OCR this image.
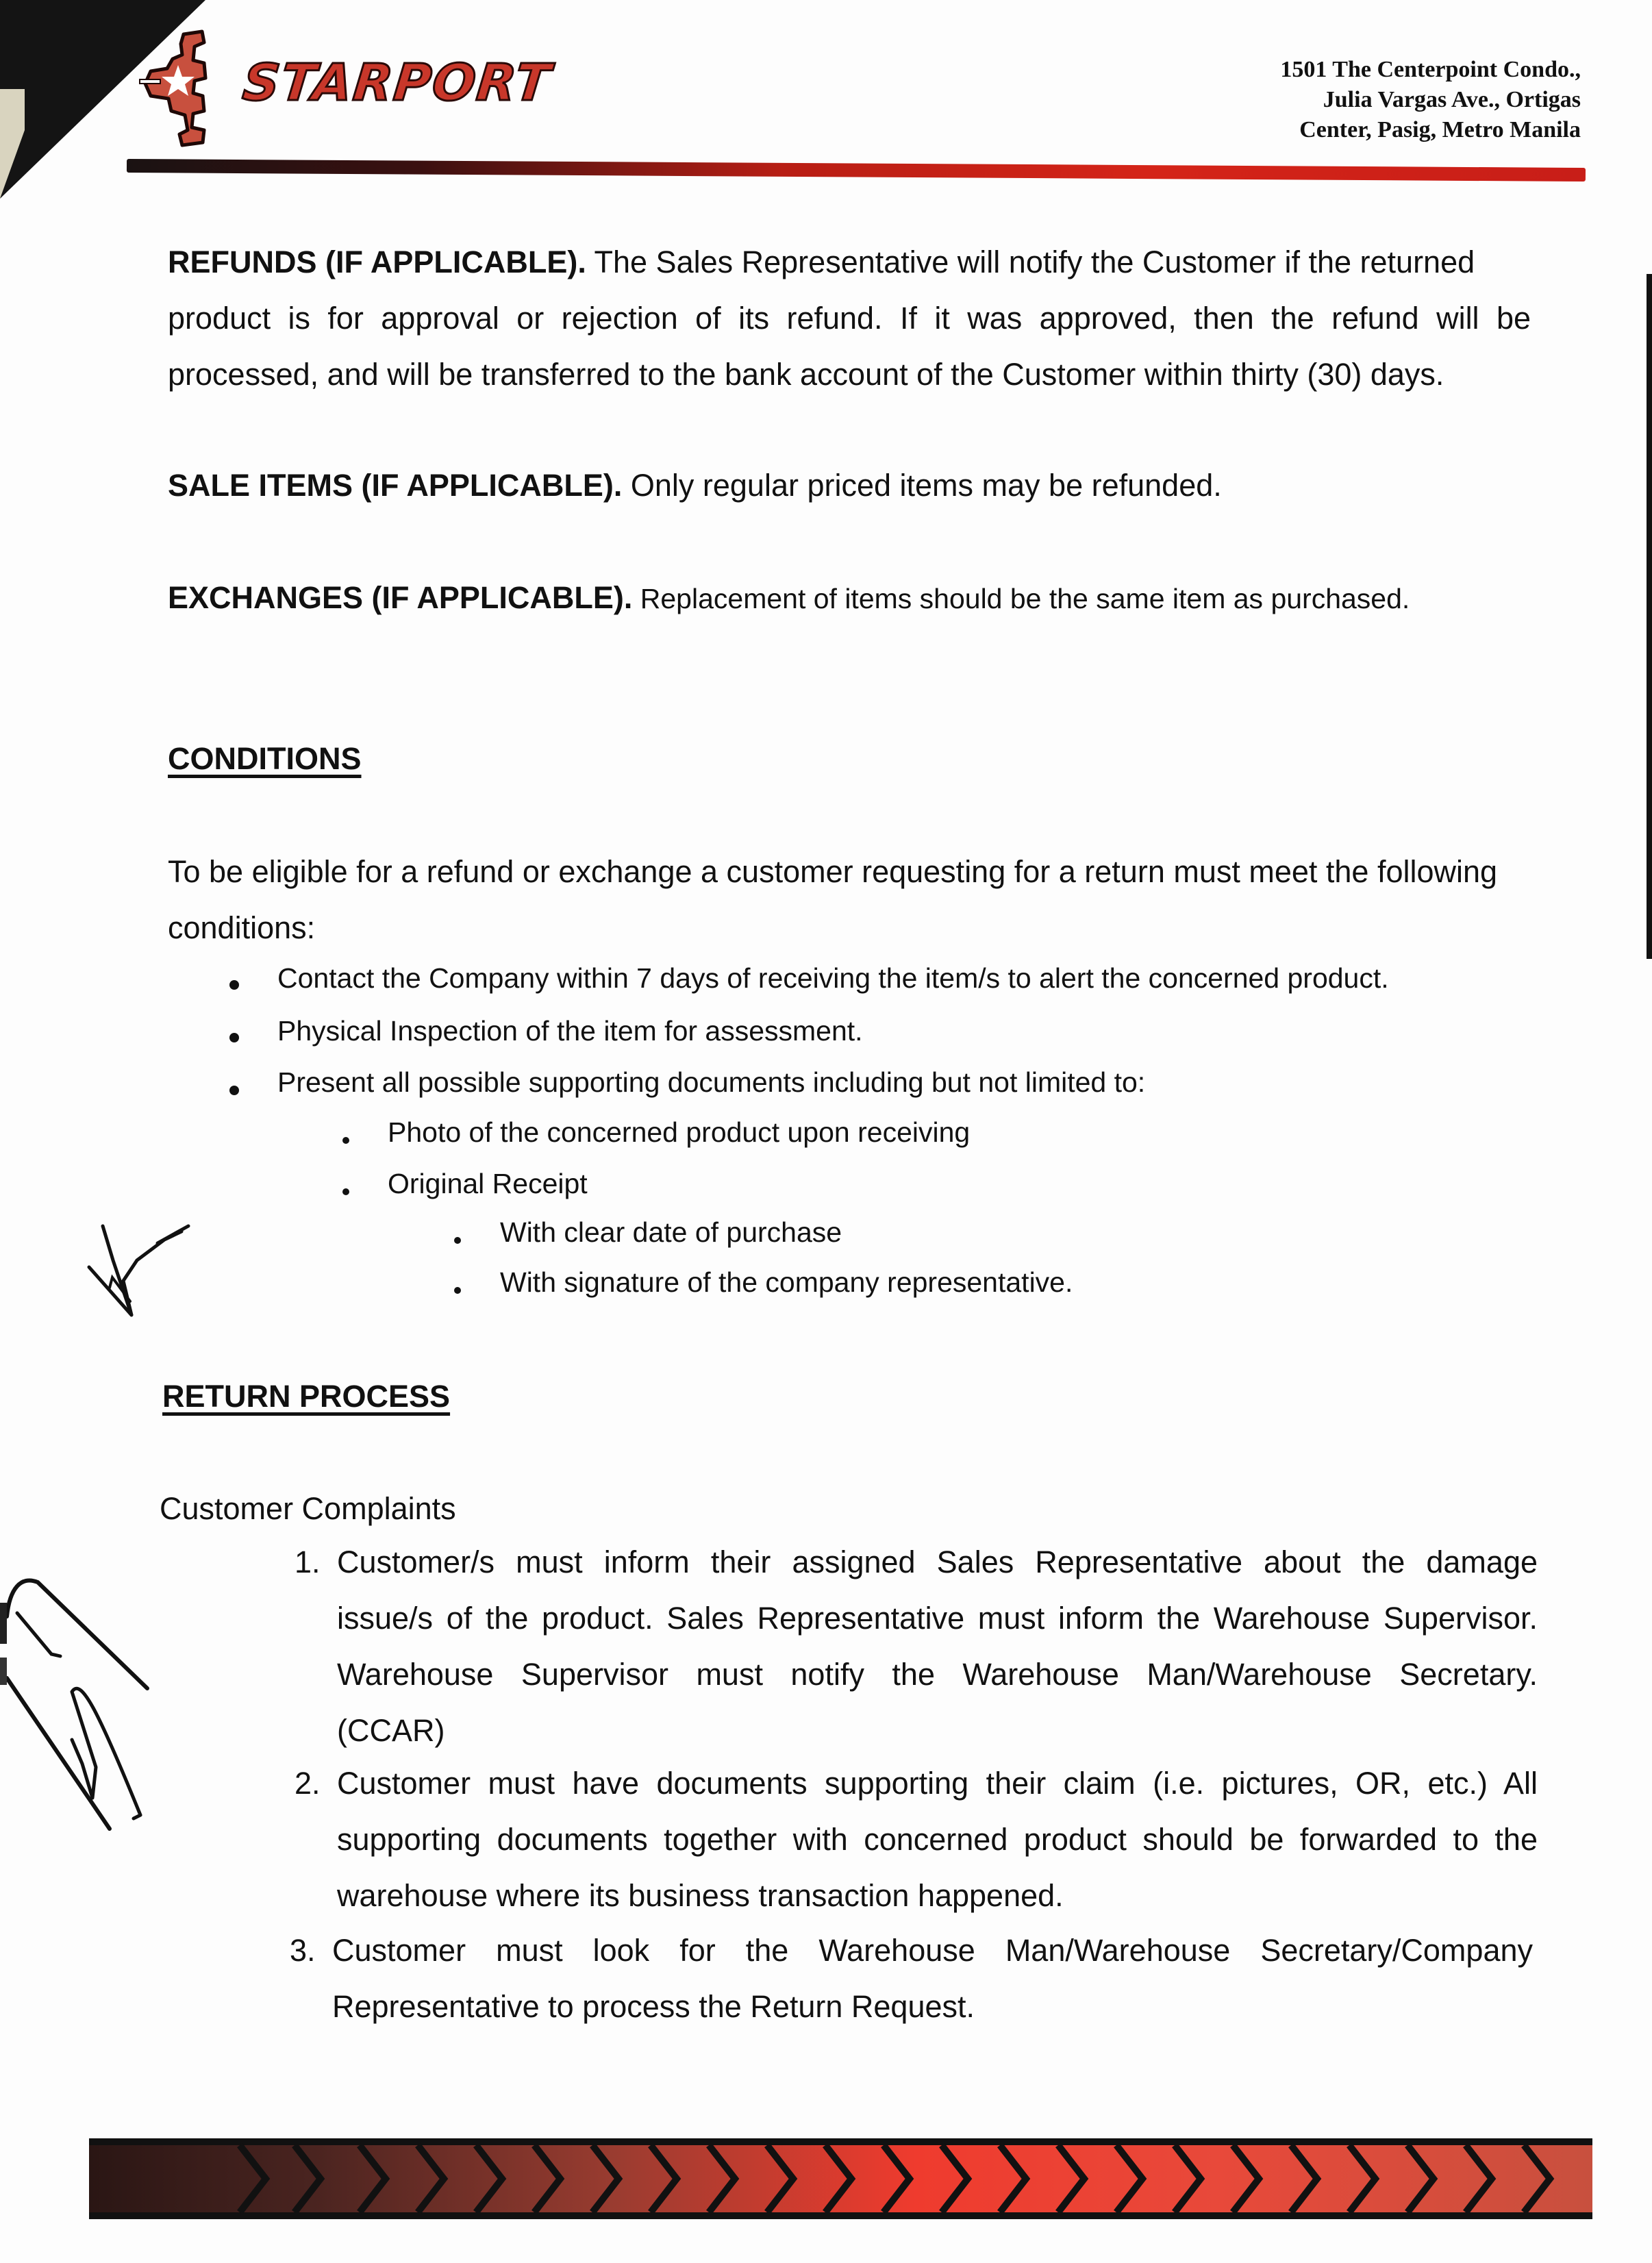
STARPORT	1501 The Centerpoint Condo.,
Julia Vargas Ave., Ortigas
Center, Pasig, Metro Manila
REFUNDS (IF APPLICABLE). The Sales Representative will notify the Customer if the returned
product is for approval or rejection of its refund. If it was approved, then the refund will be
processed, and will be transferred to the bank account of the Customer within thirty (30) days.
SALE ITEMS (IF APPLICABLE). Only regular priced items may be refunded.
EXCHANGES (IF APPLICABLE). Replacement of items should be the same item as purchased.
CONDITIONS
To be eligible for a refund or exchange a customer requesting for a return must meet the following
conditions:
Contact the Company within 7 days of receiving the item/s to alert the concerned product.
Physical Inspection of the item for assessment.
Present all possible supporting documents including but not limited to:
Photo of the concerned product upon receiving
Original Receipt
With clear date of purchase
With signature of the company representative.
RETURN PROCESS
Customer Complaints
1. Customer/s must inform their assigned Sales Representative about the damage
issue/s of the product. Sales Representative must inform the Warehouse Supervisor.
Warehouse Supervisor must notify the Warehouse Man/Warehouse Secretary.
(CCAR)
2. Customer must have documents supporting their claim (i.e. pictures, OR, etc.) All
supporting documents together with concerned product should be forwarded to the
warehouse where its business transaction happened.
3. Customer must look for the Warehouse Man/Warehouse Secretary/Company
Representative to process the Return Request.
